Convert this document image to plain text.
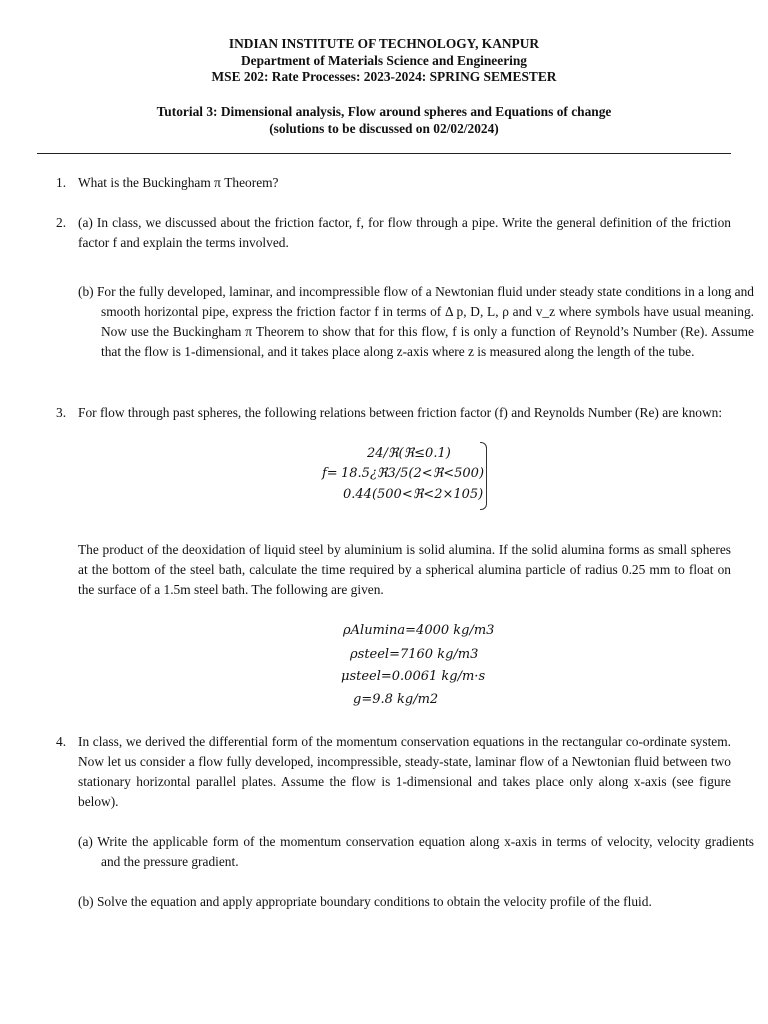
INDIAN INSTITUTE OF TECHNOLOGY, KANPUR
Department of Materials Science and Engineering
MSE 202: Rate Processes: 2023-2024: SPRING SEMESTER
Tutorial 3: Dimensional analysis, Flow around spheres and Equations of change
(solutions to be discussed on 02/02/2024)
1. What is the Buckingham π Theorem?
2. (a) In class, we discussed about the friction factor, f, for flow through a pipe. Write the general definition of the friction factor f and explain the terms involved.
(b) For the fully developed, laminar, and incompressible flow of a Newtonian fluid under steady state conditions in a long and smooth horizontal pipe, express the friction factor f in terms of Δ p, D, L, ρ and v_z where symbols have usual meaning. Now use the Buckingham π Theorem to show that for this flow, f is only a function of Reynold’s Number (Re). Assume that the flow is 1-dimensional, and it takes place along z-axis where z is measured along the length of the tube.
3. For flow through past spheres, the following relations between friction factor (f) and Reynolds Number (Re) are known:
f=
24/ℜ(ℜ≤0.1)
18.5¿ℜ3/5(2<ℜ<500)
0.44(500<ℜ<2×105)
The product of the deoxidation of liquid steel by aluminium is solid alumina. If the solid alumina forms as small spheres at the bottom of the steel bath, calculate the time required by a spherical alumina particle of radius 0.25 mm to float on the surface of a 1.5m steel bath. The following are given.
ρAlumina=4000 kg/m3
ρsteel=7160 kg/m3
μsteel=0.0061 kg/m·s
g=9.8 kg/m2
4. In class, we derived the differential form of the momentum conservation equations in the rectangular co-ordinate system. Now let us consider a flow fully developed, incompressible, steady-state, laminar flow of a Newtonian fluid between two stationary horizontal parallel plates. Assume the flow is 1-dimensional and takes place only along x-axis (see figure below).
(a) Write the applicable form of the momentum conservation equation along x-axis in terms of velocity, velocity gradients and the pressure gradient.
(b) Solve the equation and apply appropriate boundary conditions to obtain the velocity profile of the fluid.
